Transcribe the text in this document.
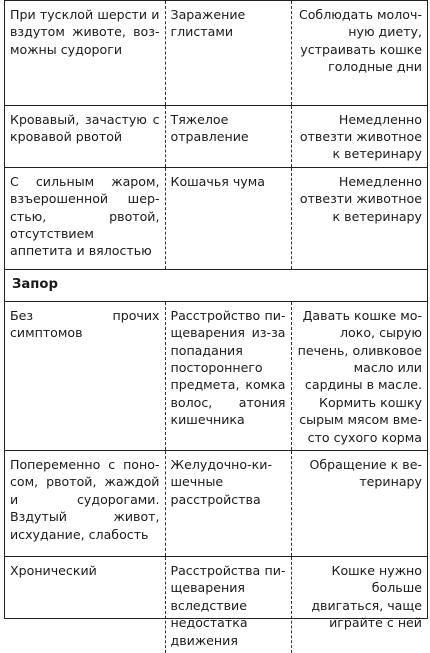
При тусклой шерсти и вздутом животе, возможны судороги	Заражение глистами	Соблюдать молочную диету, устраивать кошке голодные дни
Кровавый, зачастую с кровавой рвотой	Тяжелое отравление	Немедленно отвезти животное к ветеринару
С сильным жаром, взъерошенной шерстью, рвотой, отсутствием аппетита и вялостью	Кошачья чума	Немедленно отвезти животное к ветеринару
Запор		
Без прочих симптомов	Расстройство пищеварения из-за попадания постороннего предмета, комка волос, атония кишечника	Давать кошке молоко, сырую печень, оливковое масло или сардины в масле. Кормить кошку сырым мясом вместо сухого корма
Попеременно с поносом, рвотой, жаждой и судорогами. Вздутый живот, исхудание, слабость	Желудочно-кишечные расстройства	Обращение к ветеринару
Хронический	Расстройства пищеварения вследствие недостатка движения	Кошке нужно больше двигаться, чаще играйте с ней
